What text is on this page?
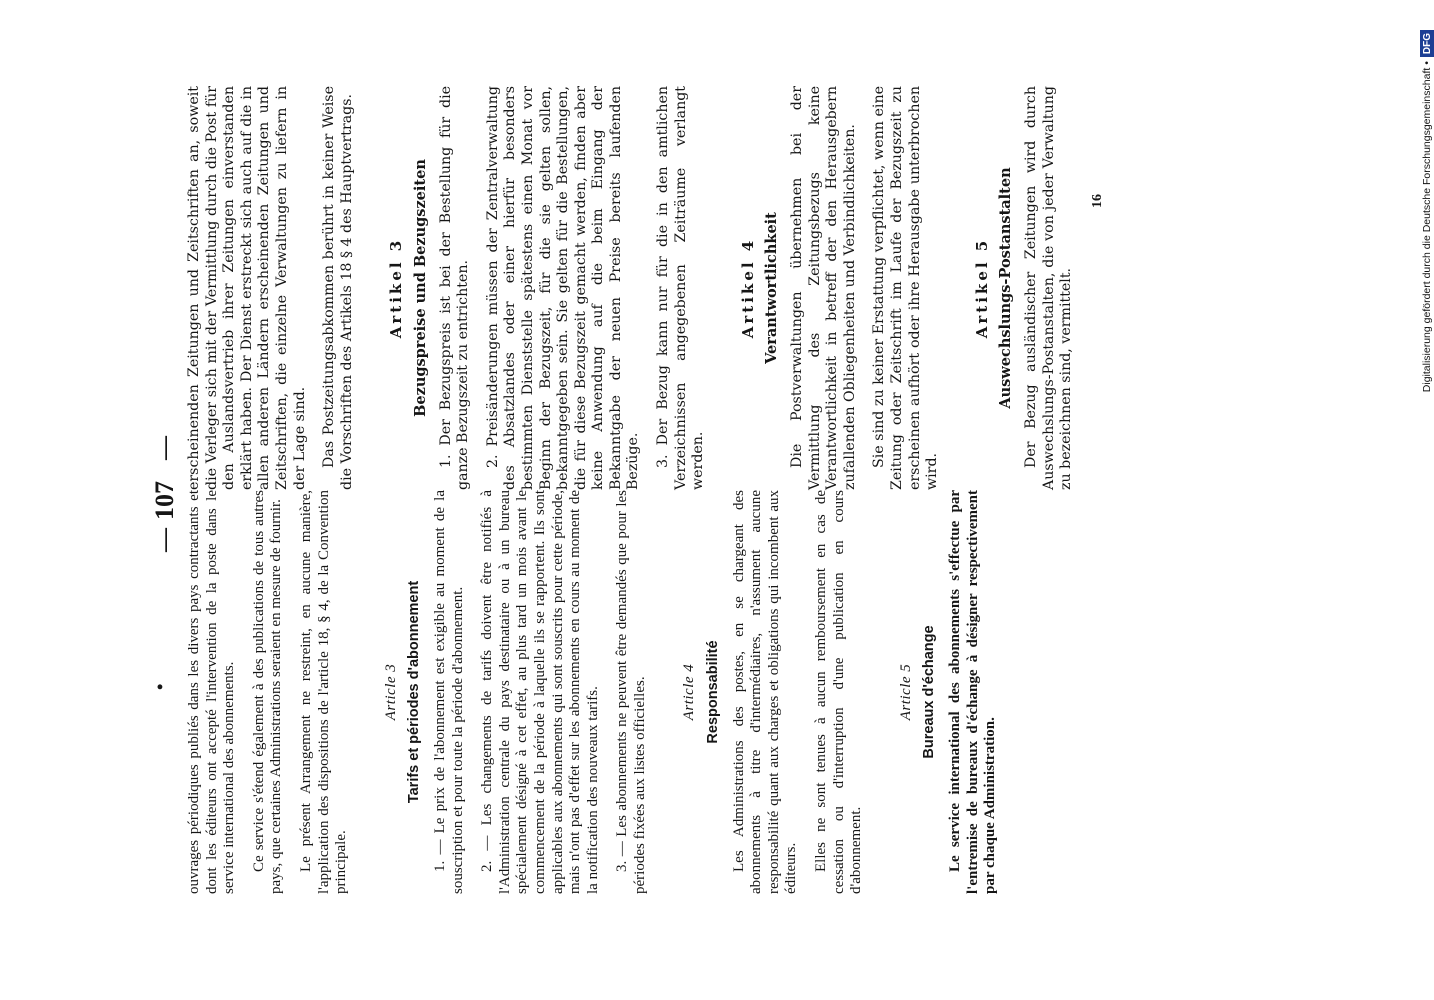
•
—
107
—

ouvrages périodiques publiés dans les divers pays contractants et dont les éditeurs ont accepté l'intervention de la poste dans le service international des abonnements. Ce service s'étend également à des publications de tous autres pays, que certaines Administrations seraient en mesure de fournir. Le présent Arrangement ne restreint, en aucune manière, l'application des dispositions de l'article 18, § 4, de la Convention principale.

Article 3 Tarifs et périodes d'abonnement 1. — Le prix de l'abonnement est exigible au moment de la souscription et pour toute la période d'abonnement. 2. — Les changements de tarifs doivent être notifiés à l'Administration centrale du pays destinataire ou à un bureau spécialement désigné à cet effet, au plus tard un mois avant le commencement de la période à laquelle ils se rapportent. Ils sont applicables aux abonnements qui sont souscrits pour cette période, mais n'ont pas d'effet sur les abonnements en cours au moment de la notification des nouveaux tarifs. 3. — Les abonnements ne peuvent être demandés que pour les périodes fixées aux listes officielles. Article 4 Responsabilité Les Administrations des postes, en se chargeant des abonnements à titre d'intermédiaires, n'assument aucune responsabilité quant aux charges et obligations qui incombent aux éditeurs. Elles ne sont tenues à aucun remboursement en cas de cessation ou d'interruption d'une publication en cours d'abonnement.

Article 5 Bureaux d'échange Le service international des abonnements s'effectue par l'entremise de bureaux d'échange à désigner respectivement par chaque Administration.

erscheinenden Zeitungen und Zeitschriften an, soweit die Verleger sich mit der Vermittlung durch die Post für den Auslandsvertrieb ihrer Zeitungen einverstanden erklärt haben. Der Dienst erstreckt sich auch auf die in allen anderen Ländern erscheinenden Zeitungen und Zeitschriften, die einzelne Verwaltungen zu liefern in der Lage sind. Das Postzeitungsabkommen berührt in keiner Weise die Vorschriften des Artikels 18 § 4 des Hauptvertrags. Artikel 3 Bezugspreise und Bezugszeiten 1. Der Bezugspreis ist bei der Bestellung für die ganze Bezugszeit zu entrichten. 2. Preisänderungen müssen der Zentralverwaltung des Absatzlandes oder einer hierfür besonders bestimmten Dienststelle spätestens einen Monat vor Beginn der Bezugszeit, für die sie gelten sollen, bekanntgegeben sein. Sie gelten für die Bestellungen, die für diese Bezugszeit gemacht werden, finden aber keine Anwendung auf die beim Eingang der Bekanntgabe der neuen Preise bereits laufenden Bezüge. 3. Der Bezug kann nur für die in den amtlichen Verzeichnissen angegebenen Zeiträume verlangt werden.

Artikel 4 Verantwortlichkeit Die Postverwaltungen übernehmen bei der Vermittlung des Zeitungsbezugs keine Verantwortlichkeit in betreff der den Herausgebern zufallenden Obliegenheiten und Verbindlichkeiten. Sie sind zu keiner Erstattung verpflichtet, wenn eine Zeitung oder Zeitschrift im Laufe der Bezugszeit zu erscheinen aufhört oder ihre Herausgabe unterbrochen wird.

Artikel 5 Auswechslungs-Postanstalten Der Bezug ausländischer Zeitungen wird durch Auswechslungs-Postanstalten, die von jeder Verwaltung zu bezeichnen sind, vermittelt.

16	Digitalisierung gefördert durch die Deutsche Forschungsgemeinschaft •DFG
